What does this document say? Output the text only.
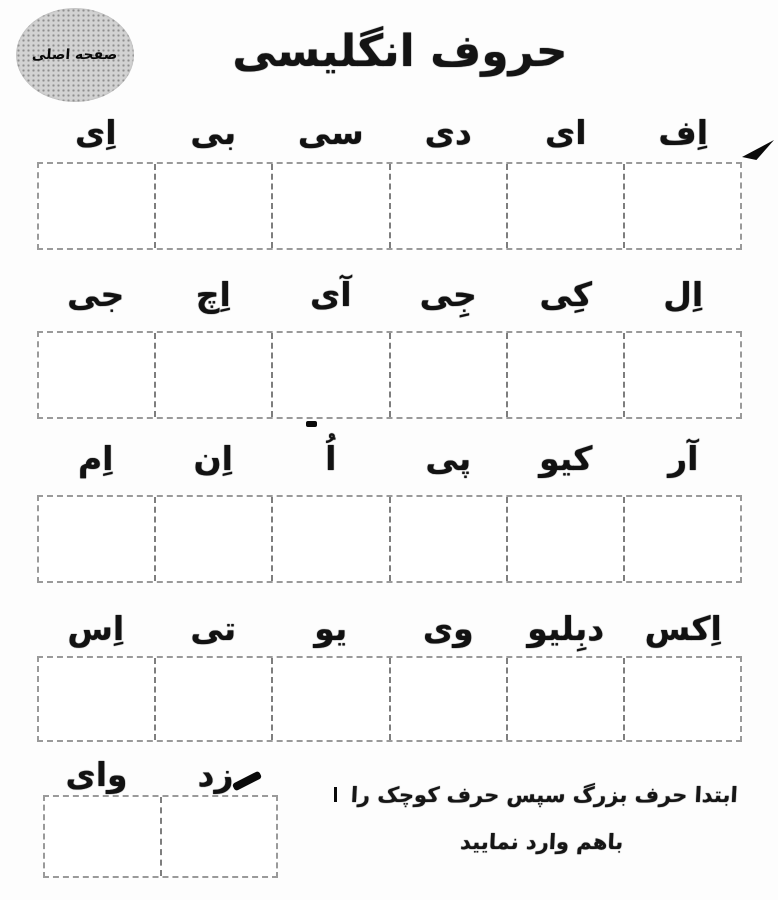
صفحه اصلی	حروف انگلیسی
اِی	بی	سی	دی	ای	اِف
جی	اِچ	آی	جِی	کِی	اِل
اِم	اِن	اُ	پی	کیو	آر
اِس	تی	یو	وی	دبِلیو	اِکس
وای	زِد
ابتدا حرف بزرگ سپس حرف کوچک را
باهم وارد نمایید
